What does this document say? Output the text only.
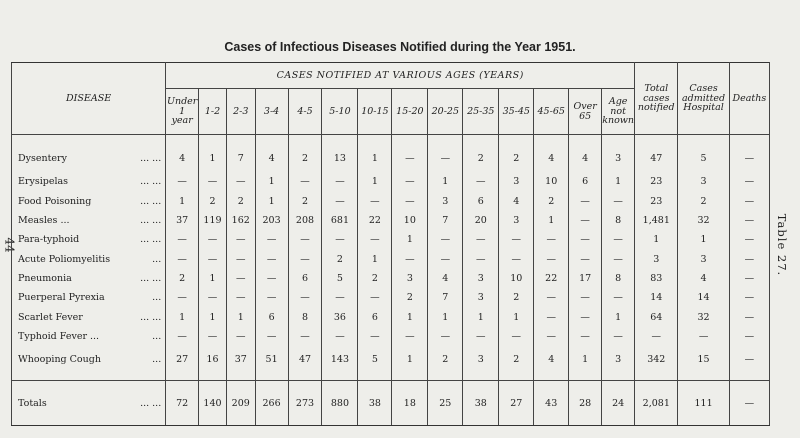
Cases of Infectious Diseases Notified during the Year 1951.
44	Table 27.
DISEASE		CASES NOTIFIED AT VARIOUS AGES (YEARS)														Total
cases
notified	Cases
admitted
Hospital	Deaths
		Under
1
year	1-2	2-3	3-4	4-5	5-10	10-15	15-20	20-25	25-35	35-45	45-65	Over
65	Age
not
known			
Dysentery	... ...	4	1	7	4	2	13	1	—	—	2	2	4	4	3	47	5	—
Erysipelas	... ...	—	—	—	1	—	—	1	—	1	—	3	10	6	1	23	3	—
Food Poisoning	... ...	1	2	2	1	2	—	—	—	3	6	4	2	—	—	23	2	—
Measles ...	... ...	37	119	162	203	208	681	22	10	7	20	3	1	—	8	1,481	32	—
Para-typhoid	... ...	—	—	—	—	—	—	—	1	—	—	—	—	—	—	1	1	—
Acute Poliomyelitis	...	—	—	—	—	—	2	1	—	—	—	—	—	—	—	3	3	—
Pneumonia	... ...	2	1	—	—	6	5	2	3	4	3	10	22	17	8	83	4	—
Puerperal Pyrexia	...	—	—	—	—	—	—	—	2	7	3	2	—	—	—	14	14	—
Scarlet Fever	... ...	1	1	1	6	8	36	6	1	1	1	1	—	—	1	64	32	—
Typhoid Fever ...	...	—	—	—	—	—	—	—	—	—	—	—	—	—	—	—	—	—
Whooping Cough	...	27	16	37	51	47	143	5	1	2	3	2	4	1	3	342	15	—
Totals	... ...	72	140	209	266	273	880	38	18	25	38	27	43	28	24	2,081	111	—
